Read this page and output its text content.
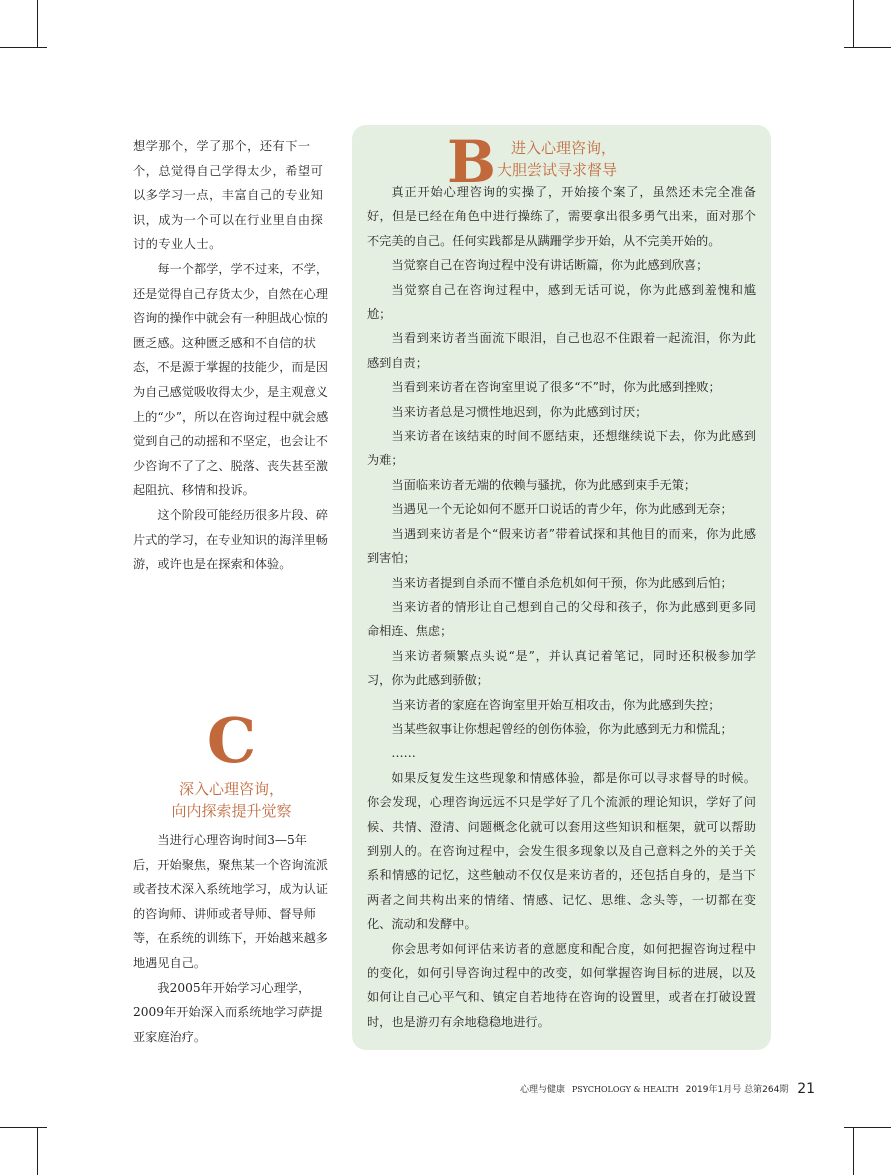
想学那个，学了那个，还有下一个，总觉得自己学得太少，希望可以多学习一点，丰富自己的专业知识，成为一个可以在行业里自由探讨的专业人士。

每一个都学，学不过来，不学，还是觉得自己存货太少，自然在心理咨询的操作中就会有一种胆战心惊的匮乏感。这种匮乏感和不自信的状态，不是源于掌握的技能少，而是因为自己感觉吸收得太少，是主观意义上的“少”，所以在咨询过程中就会感觉到自己的动摇和不坚定，也会让不少咨询不了了之、脱落、丧失甚至激起阻抗、移情和投诉。

这个阶段可能经历很多片段、碎片式的学习，在专业知识的海洋里畅游，或许也是在探索和体验。

C
深入心理咨询，
向内探索提升觉察

当进行心理咨询时间3—5年后，开始聚焦，聚焦某一个咨询流派或者技术深入系统地学习，成为认证的咨询师、讲师或者导师、督导师等，在系统的训练下，开始越来越多地遇见自己。

我2005年开始学习心理学，2009年开始深入而系统地学习萨提亚家庭治疗。

B 进入心理咨询，
大胆尝试寻求督导

真正开始心理咨询的实操了，开始接个案了，虽然还未完全准备好，但是已经在角色中进行操练了，需要拿出很多勇气出来，面对那个不完美的自己。任何实践都是从蹒跚学步开始，从不完美开始的。

当觉察自己在咨询过程中没有讲话断篇，你为此感到欣喜；

当觉察自己在咨询过程中，感到无话可说，你为此感到羞愧和尴尬；

当看到来访者当面流下眼泪，自己也忍不住跟着一起流泪，你为此感到自责；

当看到来访者在咨询室里说了很多“不”时，你为此感到挫败；

当来访者总是习惯性地迟到，你为此感到讨厌；

当来访者在该结束的时间不愿结束，还想继续说下去，你为此感到为难；

当面临来访者无端的依赖与骚扰，你为此感到束手无策；

当遇见一个无论如何不愿开口说话的青少年，你为此感到无奈；

当遇到来访者是个“假来访者”带着试探和其他目的而来，你为此感到害怕；

当来访者提到自杀而不懂自杀危机如何干预，你为此感到后怕；

当来访者的情形让自己想到自己的父母和孩子，你为此感到更多同命相连、焦虑；

当来访者频繁点头说“是”，并认真记着笔记，同时还积极参加学习，你为此感到骄傲；

当来访者的家庭在咨询室里开始互相攻击，你为此感到失控；

当某些叙事让你想起曾经的创伤体验，你为此感到无力和慌乱；

……

如果反复发生这些现象和情感体验，都是你可以寻求督导的时候。你会发现，心理咨询远远不只是学好了几个流派的理论知识，学好了问候、共情、澄清、问题概念化就可以套用这些知识和框架，就可以帮助到别人的。在咨询过程中，会发生很多现象以及自己意料之外的关于关系和情感的记忆，这些触动不仅仅是来访者的，还包括自身的，是当下两者之间共构出来的情绪、情感、记忆、思维、念头等，一切都在变化、流动和发酵中。

你会思考如何评估来访者的意愿度和配合度，如何把握咨询过程中的变化，如何引导咨询过程中的改变，如何掌握咨询目标的进展，以及如何让自己心平气和、镇定自若地待在咨询的设置里，或者在打破设置时，也是游刃有余地稳稳地进行。

心理与健康 PSYCHOLOGY & HEALTH 2019年1月号 总第264期 21
